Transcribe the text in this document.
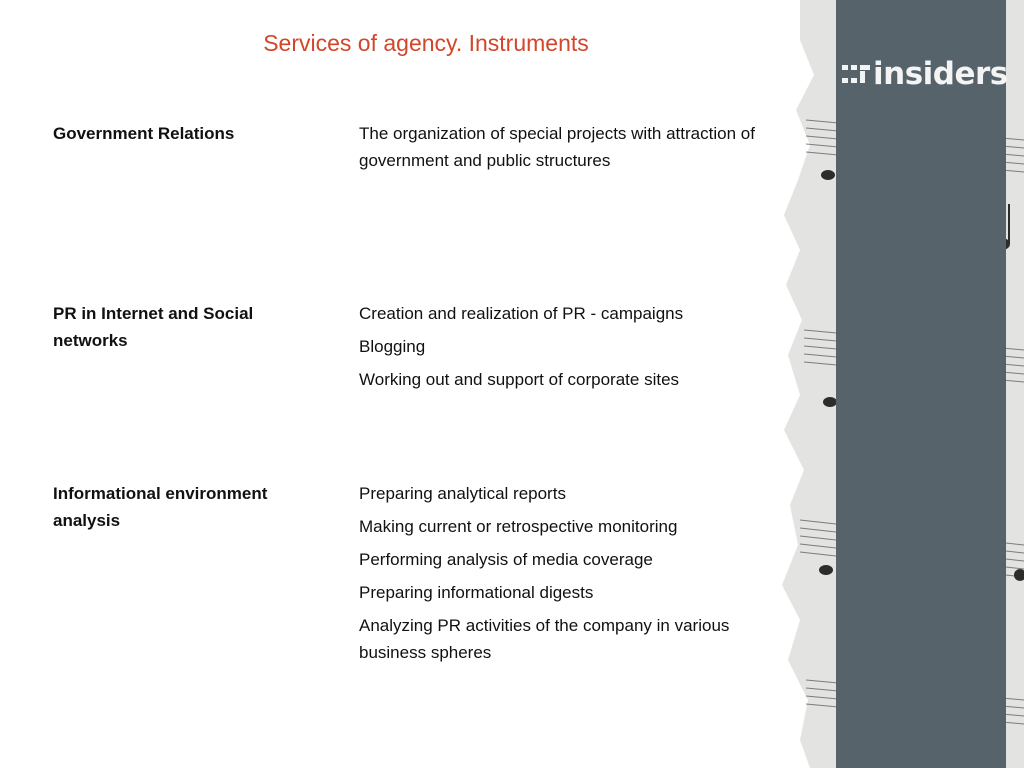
insiders
Services of agency. Instruments
Government Relations	The organization of special projects with attraction of government and public structures
PR in Internet and Social networks
Creation and realization of PR - campaigns
Blogging
Working out and support of corporate sites
Informational environment analysis
Preparing analytical reports
Making current or retrospective monitoring
Performing analysis of media coverage
Preparing informational digests
Analyzing PR activities of the company in various business spheres
